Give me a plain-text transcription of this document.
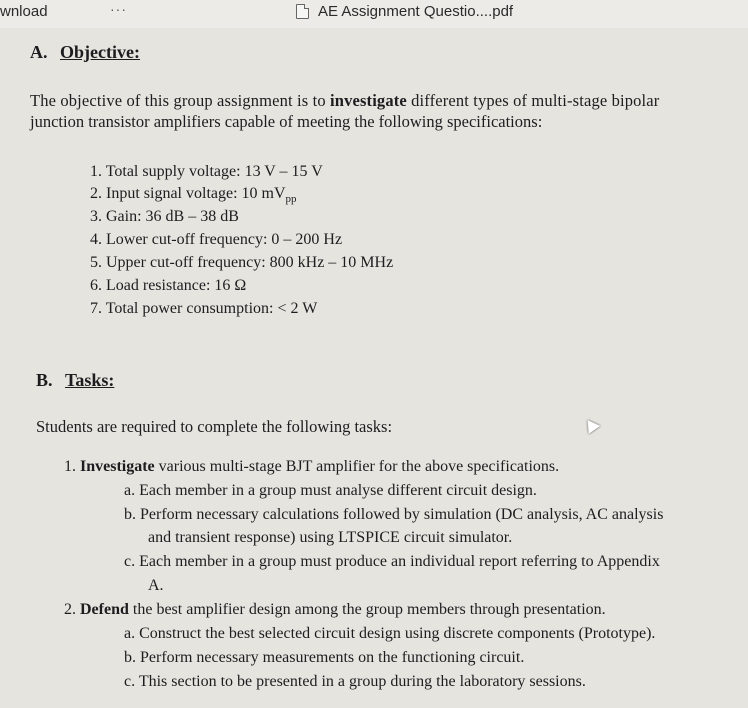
wnload	···	AE Assignment Questio....pdf
A. Objective:
The objective of this group assignment is to investigate different types of multi-stage bipolar
junction transistor amplifiers capable of meeting the following specifications:
1. Total supply voltage: 13 V – 15 V
2. Input signal voltage: 10 $mV_{pp}$
3. Gain: 36 dB – 38 dB
4. Lower cut-off frequency: 0 – 200 Hz
5. Upper cut-off frequency: 800 kHz – 10 MHz
6. Load resistance: 16 Ω
7. Total power consumption: < 2 W
B. Tasks:
Students are required to complete the following tasks:
1. Investigate various multi-stage BJT amplifier for the above specifications.
a. Each member in a group must analyse different circuit design.
b. Perform necessary calculations followed by simulation (DC analysis, AC analysis
and transient response) using LTSPICE circuit simulator.
c. Each member in a group must produce an individual report referring to Appendix
A.
2. Defend the best amplifier design among the group members through presentation.
a. Construct the best selected circuit design using discrete components (Prototype).
b. Perform necessary measurements on the functioning circuit.
c. This section to be presented in a group during the laboratory sessions.
